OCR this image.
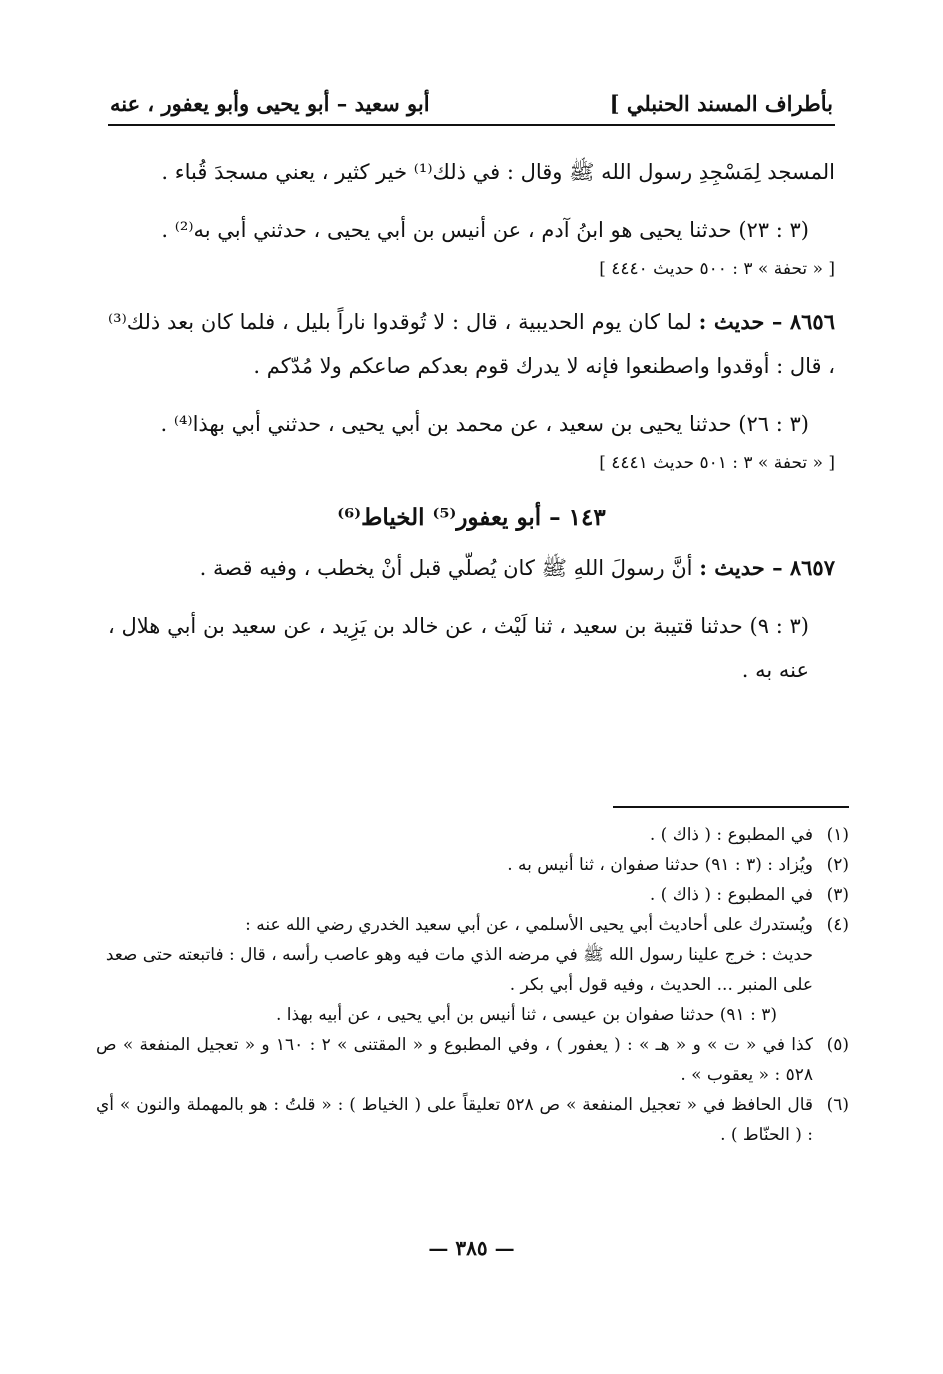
بأطراف المسند الحنبلي ]
أبو سعيد – أبو يحيى وأبو يعفور ، عنه

المسجد لِمَسْجِدِ رسول الله ﷺ وقال : في ذلك⁽¹⁾ خير كثير ، يعني مسجدَ قُباء .

(٣ : ٢٣) حدثنا يحيى هو ابنُ آدم ، عن أنيس بن أبي يحيى ، حدثني أبي به⁽²⁾ .

[ « تحفة » ٣ : ٥٠٠ حديث ٤٤٤٠ ]

٨٦٥٦ – حديث : لما كان يوم الحديبية ، قال : لا تُوقدوا ناراً بليل ، فلما كان بعد ذلك⁽³⁾ ، قال : أوقدوا واصطنعوا فإنه لا يدرك قوم بعدكم صاعكم ولا مُدّكم .

(٣ : ٢٦) حدثنا يحيى بن سعيد ، عن محمد بن أبي يحيى ، حدثني أبي بهذا⁽⁴⁾ .

[ « تحفة » ٣ : ٥٠١ حديث ٤٤٤١ ]

١٤٣ – أبو يعفور⁽⁵⁾ الخياط⁽⁶⁾

٨٦٥٧ – حديث : أنَّ رسولَ اللهِ ﷺ كان يُصلّي قبل أنْ يخطب ، وفيه قصة .

(٣ : ٩) حدثنا قتيبة بن سعيد ، ثنا لَيْث ، عن خالد بن يَزِيد ، عن سعيد بن أبي هلال ، عنه به .

(١)
في المطبوع : ( ذاك ) .
(٢)
ويُزاد : (٣ : ٩١) حدثنا صفوان ، ثنا أنيس به .
(٣)
في المطبوع : ( ذاك ) .
(٤)
ويُستدرك على أحاديث أبي يحيى الأسلمي ، عن أبي سعيد الخدري رضي الله عنه :
حديث : خرج علينا رسول الله ﷺ في مرضه الذي مات فيه وهو عاصب رأسه ، قال : فاتبعته حتى صعد على المنبر ... الحديث ، وفيه قول أبي بكر .
(٣ : ٩١) حدثنا صفوان بن عيسى ، ثنا أنيس بن أبي يحيى ، عن أبيه بهذا .
(٥)
كذا في « ت » و « هـ » : ( يعفور ) ، وفي المطبوع و « المقتنى » ٢ : ١٦٠ و « تعجيل المنفعة » ص ٥٢٨ : « يعقوب » .
(٦)
قال الحافظ في « تعجيل المنفعة » ص ٥٢٨ تعليقاً على ( الخياط ) : « قلتُ : هو بالمهملة والنون » أي : ( الحنّاط ) .
— ٣٨٥ —
